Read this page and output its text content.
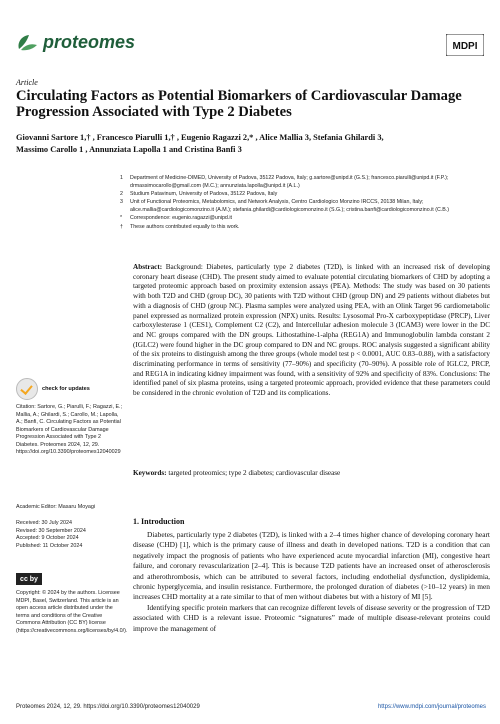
proteomes	MDPI
Article
Circulating Factors as Potential Biomarkers of Cardiovascular Damage Progression Associated with Type 2 Diabetes
Giovanni Sartore 1,† , Francesco Piarulli 1,† , Eugenio Ragazzi 2,* , Alice Mallia 3, Stefania Ghilardi 3,
Massimo Carollo 1 , Annunziata Lapolla 1 and Cristina Banfi 3
1	Department of Medicine-DIMED, University of Padova, 35122 Padova, Italy; g.sartore@unipd.it (G.S.); francesco.piarulli@unipd.it (F.P.); drmassimocarollo@gmail.com (M.C.); annunziata.lapolla@unipd.it (A.L.)
2	Studium Patavinum, University of Padova, 35122 Padova, Italy
3	Unit of Functional Proteomics, Metabolomics, and Network Analysis, Centro Cardiologico Monzino IRCCS, 20138 Milan, Italy; alice.mallia@cardiologicomonzino.it (A.M.); stefania.ghilardi@cardiologicomonzino.it (S.G.); cristina.banfi@cardiologicomonzino.it (C.B.)
*	Correspondence: eugenio.ragazzi@unipd.it
†	These authors contributed equally to this work.
Abstract: Background: Diabetes, particularly type 2 diabetes (T2D), is linked with an increased risk of developing coronary heart disease (CHD). The present study aimed to evaluate potential circulating biomarkers of CHD by adopting a targeted proteomic approach based on proximity extension assays (PEA). Methods: The study was based on 30 patients with both T2D and CHD (group DC), 30 patients with T2D without CHD (group DN) and 29 patients without diabetes but with a diagnosis of CHD (group NC). Plasma samples were analyzed using PEA, with an Olink Target 96 cardiometabolic panel expressed as normalized protein expression (NPX) units. Results: Lysosomal Pro-X carboxypeptidase (PRCP), Liver carboxylesterase 1 (CES1), Complement C2 (C2), and Intercellular adhesion molecule 3 (ICAM3) were lower in the DC and NC groups compared with the DN groups. Lithostathine-1-alpha (REG1A) and Immunoglobulin lambda constant 2 (IGLC2) were found higher in the DC group compared to DN and NC groups. ROC analysis suggested a significant ability of the six proteins to distinguish among the three groups (whole model test p < 0.0001, AUC 0.83–0.88), with a satisfactory discriminating performance in terms of sensitivity (77–90%) and specificity (70–90%). A possible role of IGLC2, PRCP, and REG1A in indicating kidney impairment was found, with a sensitivity of 92% and specificity of 83%. Conclusions: The identified panel of six plasma proteins, using a targeted proteomic approach, provided evidence that these parameters could be considered in the chronic evolution of T2D and its complications.
Keywords: targeted proteomics; type 2 diabetes; cardiovascular disease
check for updates
Citation: Sartore, G.; Piarulli, F.; Ragazzi, E.; Mallia, A.; Ghilardi, S.; Carollo, M.; Lapolla, A.; Banfi, C. Circulating Factors as Potential Biomarkers of Cardiovascular Damage Progression Associated with Type 2 Diabetes. Proteomes 2024, 12, 29. https://doi.org/10.3390/proteomes12040029
Academic Editor: Masaru Moyagi
Received: 30 July 2024
Revised: 30 September 2024
Accepted: 9 October 2024
Published: 11 October 2024
cc by
Copyright: © 2024 by the authors. Licensee MDPI, Basel, Switzerland. This article is an open access article distributed under the terms and conditions of the Creative Commons Attribution (CC BY) license (https://creativecommons.org/licenses/by/4.0/).
1. Introduction

Diabetes, particularly type 2 diabetes (T2D), is linked with a 2–4 times higher chance of developing coronary heart disease (CHD) [1], which is the primary cause of illness and death in developed nations. T2D is a condition that can negatively impact the prognosis of patients who have experienced acute myocardial infarction (MI), congestive heart failure, and coronary revascularization [2–4]. This is because T2D patients have an increased onset of atherosclerosis and atherothrombosis, which can be attributed to several factors, including endothelial dysfunction, dyslipidemia, chronic hyperglycemia, and insulin resistance. Furthermore, the prolonged duration of diabetes (>10–12 years) in men increases CHD mortality at a rate similar to that of men without diabetes but with a history of MI [5].

Identifying specific protein markers that can recognize different levels of disease severity or the progression of T2D associated with CHD is a relevant issue. Proteomic “signatures” made of multiple disease-relevant proteins could improve the management of

Proteomes 2024, 12, 29. https://doi.org/10.3390/proteomes12040029	https://www.mdpi.com/journal/proteomes
